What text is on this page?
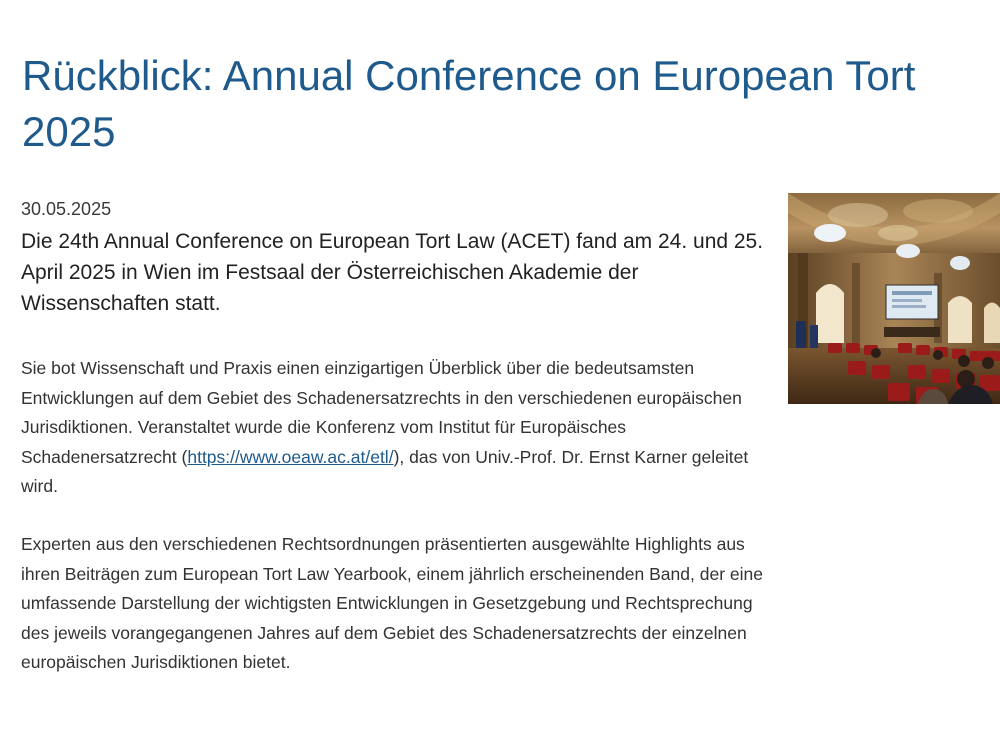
Rückblick: Annual Conference on European Tort 2025
30.05.2025

Die 24th Annual Conference on European Tort Law (ACET) fand am 24. und 25. April 2025 in Wien im Festsaal der Österreichischen Akademie der Wissenschaften statt.

Sie bot Wissenschaft und Praxis einen einzigartigen Überblick über die bedeutsamsten Entwicklungen auf dem Gebiet des Schadenersatzrechts in den verschiedenen europäischen Jurisdiktionen. Veranstaltet wurde die Konferenz vom Institut für Europäisches Schadenersatzrecht (https://www.oeaw.ac.at/etl/), das von Univ.-Prof. Dr. Ernst Karner geleitet wird.

Experten aus den verschiedenen Rechtsordnungen präsentierten ausgewählte Highlights aus ihren Beiträgen zum European Tort Law Yearbook, einem jährlich erscheinenden Band, der eine umfassende Darstellung der wichtigsten Entwicklungen in Gesetzgebung und Rechtsprechung des jeweils vorangegangenen Jahres auf dem Gebiet des Schadenersatzrechts der einzelnen europäischen Jurisdiktionen bietet.
